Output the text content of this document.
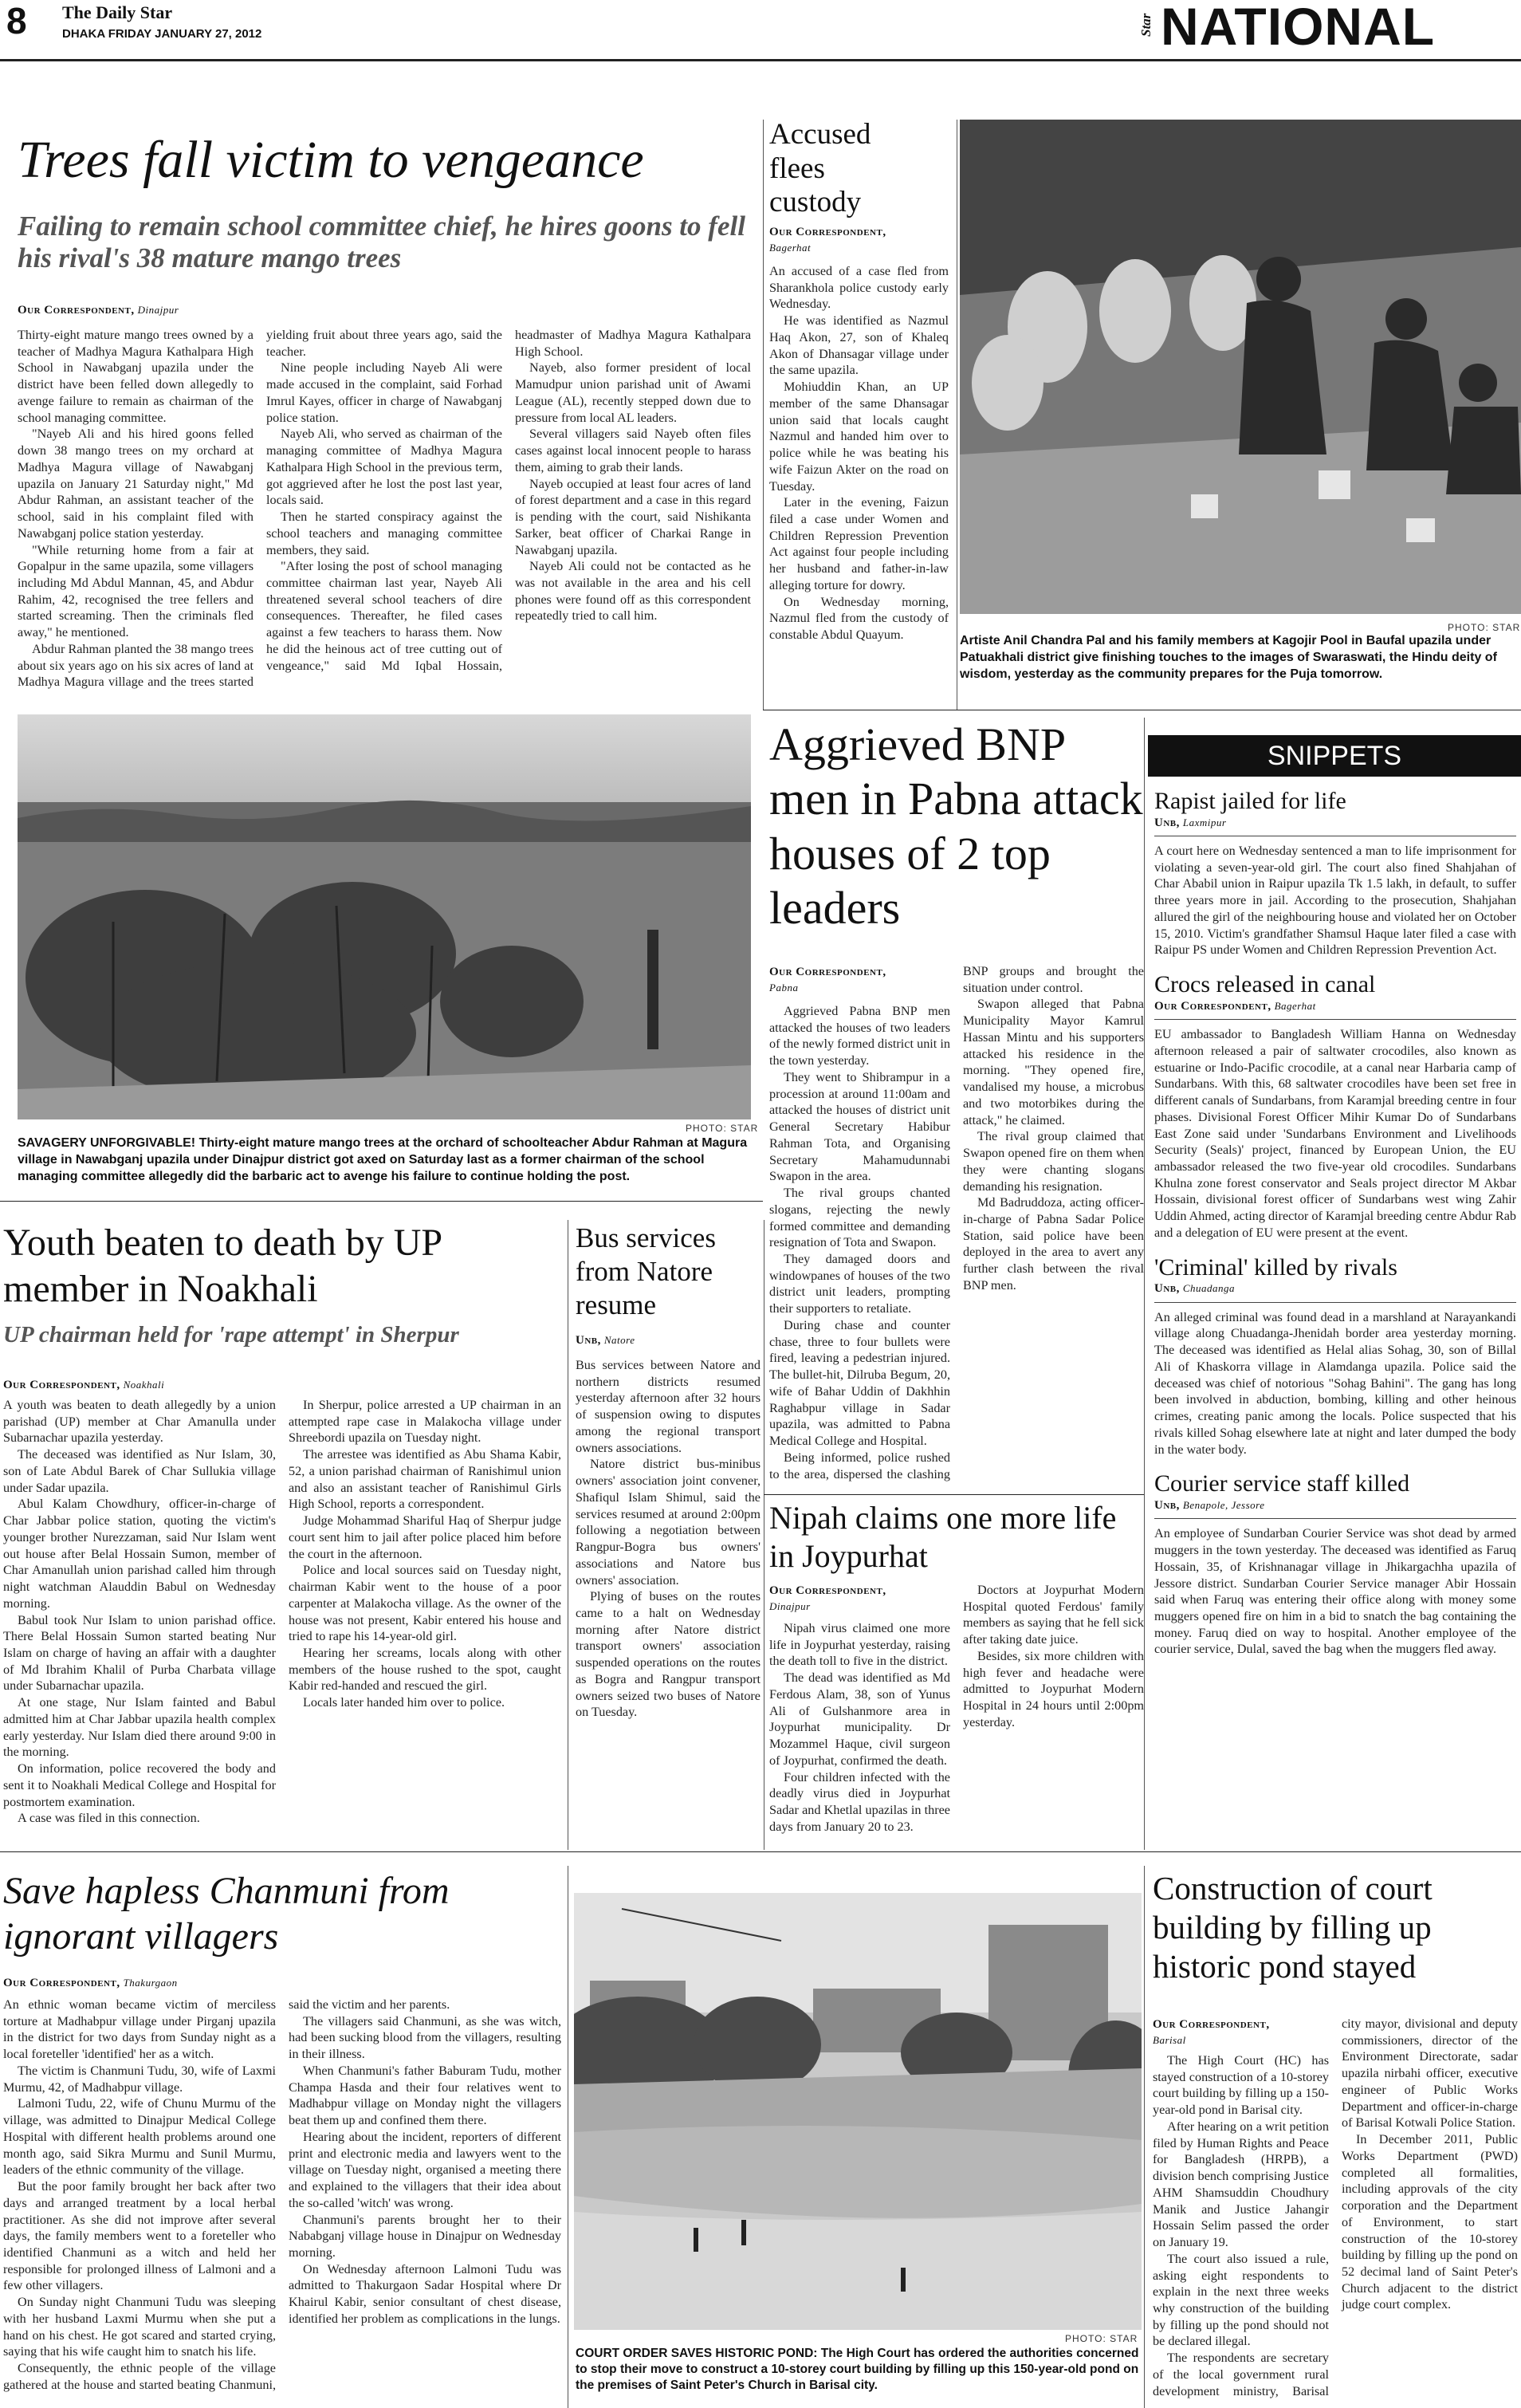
8 The Daily Star
DHAKA FRIDAY JANUARY 27, 2012	Star NATIONAL
Trees fall victim to vengeance
Failing to remain school committee chief, he hires goons to fell his rival's 38 mature mango trees
Our Correspondent, Dinajpur

Thirty-eight mature mango trees owned by a teacher of Madhya Magura Kathalpara High School in Nawabganj upazila under the district have been felled down allegedly to avenge failure to remain as chairman of the school managing committee.

"Nayeb Ali and his hired goons felled down 38 mango trees on my orchard at Madhya Magura village of Nawabganj upazila on January 21 Saturday night," Md Abdur Rahman, an assistant teacher of the school, said in his complaint filed with Nawabganj police station yesterday.

"While returning home from a fair at Gopalpur in the same upazila, some villagers including Md Abdul Mannan, 45, and Abdur Rahim, 42, recognised the tree fellers and started screaming. Then the criminals fled away," he mentioned.

Abdur Rahman planted the 38 mango trees about six years ago on his six acres of land at Madhya Magura village and the trees started yielding fruit about three years ago, said the teacher.

Nine people including Nayeb Ali were made accused in the complaint, said Forhad Imrul Kayes, officer in charge of Nawabganj police station.

Nayeb Ali, who served as chairman of the managing committee of Madhya Magura Kathalpara High School in the previous term, got aggrieved after he lost the post last year, locals said.

Then he started conspiracy against the school teachers and managing committee members, they said.

"After losing the post of school managing committee chairman last year, Nayeb Ali threatened several school teachers of dire consequences. Thereafter, he filed cases against a few teachers to harass them. Now he did the heinous act of tree cutting out of vengeance," said Md Iqbal Hossain, headmaster of Madhya Magura Kathalpara High School.

Nayeb, also former president of local Mamudpur union parishad unit of Awami League (AL), recently stepped down due to pressure from local AL leaders.

Several villagers said Nayeb often files cases against local innocent people to harass them, aiming to grab their lands.

Nayeb occupied at least four acres of land of forest department and a case in this regard is pending with the court, said Nishikanta Sarker, beat officer of Charkai Range in Nawabganj upazila.

Nayeb Ali could not be contacted as he was not available in the area and his cell phones were found off as this correspondent repeatedly tried to call him.

PHOTO: STAR
SAVAGERY UNFORGIVABLE! Thirty-eight mature mango trees at the orchard of schoolteacher Abdur Rahman at Magura village in Nawabganj upazila under Dinajpur district got axed on Saturday last as a former chairman of the school managing committee allegedly did the barbaric act to avenge his failure to continue holding the post.
Accused flees custody
Our Correspondent,
Bagerhat

An accused of a case fled from Sharankhola police custody early Wednesday.

He was identified as Nazmul Haq Akon, 27, son of Khaleq Akon of Dhansagar village under the same upazila.

Mohiuddin Khan, an UP member of the same Dhansagar union said that locals caught Nazmul and handed him over to police while he was beating his wife Faizun Akter on the road on Tuesday.

Later in the evening, Faizun filed a case under Women and Children Repression Prevention Act against four people including her husband and father-in-law alleging torture for dowry.

On Wednesday morning, Nazmul fled from the custody of constable Abdul Quayum.

PHOTO: STAR
Artiste Anil Chandra Pal and his family members at Kagojir Pool in Baufal upazila under Patuakhali district give finishing touches to the images of Swaraswati, the Hindu deity of wisdom, yesterday as the community prepares for the Puja tomorrow.
Aggrieved BNP men in Pabna attack houses of 2 top leaders
Our Correspondent,
Pabna

Aggrieved Pabna BNP men attacked the houses of two leaders of the newly formed district unit in the town yesterday.

They went to Shibrampur in a procession at around 11:00am and attacked the houses of district unit General Secretary Habibur Rahman Tota, and Organising Secretary Mahamudunnabi Swapon in the area.

The rival groups chanted slogans, rejecting the newly formed committee and demanding resignation of Tota and Swapon.

They damaged doors and windowpanes of houses of the two district unit leaders, prompting their supporters to retaliate.

During chase and counter chase, three to four bullets were fired, leaving a pedestrian injured. The bullet-hit, Dilruba Begum, 20, wife of Bahar Uddin of Dakhhin Raghabpur village in Sadar upazila, was admitted to Pabna Medical College and Hospital.

Being informed, police rushed to the area, dispersed the clashing BNP groups and brought the situation under control.

Swapon alleged that Pabna Municipality Mayor Kamrul Hassan Mintu and his supporters attacked his residence in the morning. "They opened fire, vandalised my house, a microbus and two motorbikes during the attack," he claimed.

The rival group claimed that Swapon opened fire on them when they were chanting slogans demanding his resignation.

Md Badruddoza, acting officer-in-charge of Pabna Sadar Police Station, said police have been deployed in the area to avert any further clash between the rival BNP men.

SNIPPETS
Rapist jailed for life
Unb, Laxmipur
A court here on Wednesday sentenced a man to life imprisonment for violating a seven-year-old girl. The court also fined Shahjahan of Char Ababil union in Raipur upazila Tk 1.5 lakh, in default, to suffer three years more in jail. According to the prosecution, Shahjahan allured the girl of the neighbouring house and violated her on October 15, 2010. Victim's grandfather Shamsul Haque later filed a case with Raipur PS under Women and Children Repression Prevention Act.
Crocs released in canal
Our Correspondent, Bagerhat
EU ambassador to Bangladesh William Hanna on Wednesday afternoon released a pair of saltwater crocodiles, also known as estuarine or Indo-Pacific crocodile, at a canal near Harbaria camp of Sundarbans. With this, 68 saltwater crocodiles have been set free in different canals of Sundarbans, from Karamjal breeding centre in four phases. Divisional Forest Officer Mihir Kumar Do of Sundarbans East Zone said under 'Sundarbans Environment and Livelihoods Security (Seals)' project, financed by European Union, the EU ambassador released the two five-year old crocodiles. Sundarbans Khulna zone forest conservator and Seals project director M Akbar Hossain, divisional forest officer of Sundarbans west wing Zahir Uddin Ahmed, acting director of Karamjal breeding centre Abdur Rab and a delegation of EU were present at the event.
'Criminal' killed by rivals
Unb, Chuadanga
An alleged criminal was found dead in a marshland at Narayankandi village along Chuadanga-Jhenidah border area yesterday morning. The deceased was identified as Helal alias Sohag, 30, son of Billal Ali of Khaskorra village in Alamdanga upazila. Police said the deceased was chief of notorious "Sohag Bahini". The gang has long been involved in abduction, bombing, killing and other heinous crimes, creating panic among the locals. Police suspected that his rivals killed Sohag elsewhere late at night and later dumped the body in the water body.
Courier service staff killed
Unb, Benapole, Jessore
An employee of Sundarban Courier Service was shot dead by armed muggers in the town yesterday. The deceased was identified as Faruq Hossain, 35, of Krishnanagar village in Jhikargachha upazila of Jessore district. Sundarban Courier Service manager Abir Hossain said when Faruq was entering their office along with money some muggers opened fire on him in a bid to snatch the bag containing the money. Faruq died on way to hospital. Another employee of the courier service, Dulal, saved the bag when the muggers fled away.
Youth beaten to death by UP member in Noakhali
UP chairman held for 'rape attempt' in Sherpur
Our Correspondent, Noakhali

A youth was beaten to death allegedly by a union parishad (UP) member at Char Amanulla under Subarnachar upazila yesterday.

The deceased was identified as Nur Islam, 30, son of Late Abdul Barek of Char Sullukia village under Sadar upazila.

Abul Kalam Chowdhury, officer-in-charge of Char Jabbar police station, quoting the victim's younger brother Nurezzaman, said Nur Islam went out house after Belal Hossain Sumon, member of Char Amanullah union parishad called him through night watchman Alauddin Babul on Wednesday morning.

Babul took Nur Islam to union parishad office. There Belal Hossain Sumon started beating Nur Islam on charge of having an affair with a daughter of Md Ibrahim Khalil of Purba Charbata village under Subarnachar upazila.

At one stage, Nur Islam fainted and Babul admitted him at Char Jabbar upazila health complex early yesterday. Nur Islam died there around 9:00 in the morning.

On information, police recovered the body and sent it to Noakhali Medical College and Hospital for postmortem examination.

A case was filed in this connection.

In Sherpur, police arrested a UP chairman in an attempted rape case in Malakocha village under Shreebordi upazila on Tuesday night.

The arrestee was identified as Abu Shama Kabir, 52, a union parishad chairman of Ranishimul union and also an assistant teacher of Ranishimul Girls High School, reports a correspondent.

Judge Mohammad Shariful Haq of Sherpur judge court sent him to jail after police placed him before the court in the afternoon.

Police and local sources said on Tuesday night, chairman Kabir went to the house of a poor carpenter at Malakocha village. As the owner of the house was not present, Kabir entered his house and tried to rape his 14-year-old girl.

Hearing her screams, locals along with other members of the house rushed to the spot, caught Kabir red-handed and rescued the girl.

Locals later handed him over to police.

Bus services from Natore resume
Unb, Natore

Bus services between Natore and northern districts resumed yesterday afternoon after 32 hours of suspension owing to disputes among the regional transport owners associations.

Natore district bus-minibus owners' association joint convener, Shafiqul Islam Shimul, said the services resumed at around 2:00pm following a negotiation between Rangpur-Bogra bus owners' associations and Natore bus owners' association.

Plying of buses on the routes came to a halt on Wednesday morning after Natore district transport owners' association suspended operations on the routes as Bogra and Rangpur transport owners seized two buses of Natore on Tuesday.

Nipah claims one more life in Joypurhat
Our Correspondent,
Dinajpur

Nipah virus claimed one more life in Joypurhat yesterday, raising the death toll to five in the district.

The dead was identified as Md Ferdous Alam, 38, son of Yunus Ali of Gulshanmore area in Joypurhat municipality. Dr Mozammel Haque, civil surgeon of Joypurhat, confirmed the death.

Four children infected with the deadly virus died in Joypurhat Sadar and Khetlal upazilas in three days from January 20 to 23.

Doctors at Joypurhat Modern Hospital quoted Ferdous' family members as saying that he fell sick after taking date juice.

Besides, six more children with high fever and headache were admitted to Joypurhat Modern Hospital in 24 hours until 2:00pm yesterday.

Save hapless Chanmuni from ignorant villagers
Our Correspondent, Thakurgaon

An ethnic woman became victim of merciless torture at Madhabpur village under Pirganj upazila in the district for two days from Sunday night as a local foreteller 'identified' her as a witch.

The victim is Chanmuni Tudu, 30, wife of Laxmi Murmu, 42, of Madhabpur village.

Lalmoni Tudu, 22, wife of Chunu Murmu of the village, was admitted to Dinajpur Medical College Hospital with different health problems around one month ago, said Sikra Murmu and Sunil Murmu, leaders of the ethnic community of the village.

But the poor family brought her back after two days and arranged treatment by a local herbal practitioner. As she did not improve after several days, the family members went to a foreteller who identified Chanmuni as a witch and held her responsible for prolonged illness of Lalmoni and a few other villagers.

On Sunday night Chanmuni Tudu was sleeping with her husband Laxmi Murmu when she put a hand on his chest. He got scared and started crying, saying that his wife caught him to snatch his life.

Consequently, the ethnic people of the village gathered at the house and started beating Chanmuni, said the victim and her parents.

The villagers said Chanmuni, as she was witch, had been sucking blood from the villagers, resulting in their illness.

When Chanmuni's father Baburam Tudu, mother Champa Hasda and their four relatives went to Madhabpur village on Monday night the villagers beat them up and confined them there.

Hearing about the incident, reporters of different print and electronic media and lawyers went to the village on Tuesday night, organised a meeting there and explained to the villagers that their idea about the so-called 'witch' was wrong.

Chanmuni's parents brought her to their Nababganj village house in Dinajpur on Wednesday morning.

On Wednesday afternoon Lalmoni Tudu was admitted to Thakurgaon Sadar Hospital where Dr Khairul Kabir, senior consultant of chest disease, identified her problem as complications in the lungs.

PHOTO: STAR
COURT ORDER SAVES HISTORIC POND: The High Court has ordered the authorities concerned to stop their move to construct a 10-storey court building by filling up this 150-year-old pond on the premises of Saint Peter's Church in Barisal city.
Construction of court building by filling up historic pond stayed
Our Correspondent,
Barisal

The High Court (HC) has stayed construction of a 10-storey court building by filling up a 150-year-old pond in Barisal city.

After hearing on a writ petition filed by Human Rights and Peace for Bangladesh (HRPB), a division bench comprising Justice AHM Shamsuddin Choudhury Manik and Justice Jahangir Hossain Selim passed the order on January 19.

The court also issued a rule, asking eight respondents to explain in the next three weeks why construction of the building by filling up the pond should not be declared illegal.

The respondents are secretary of the local government rural development ministry, Barisal city mayor, divisional and deputy commissioners, director of the Environment Directorate, sadar upazila nirbahi officer, executive engineer of Public Works Department and officer-in-charge of Barisal Kotwali Police Station.

In December 2011, Public Works Department (PWD) completed all formalities, including approvals of the city corporation and the Department of Environment, to start construction of the 10-storey building by filling up the pond on 52 decimal land of Saint Peter's Church adjacent to the district judge court complex.
